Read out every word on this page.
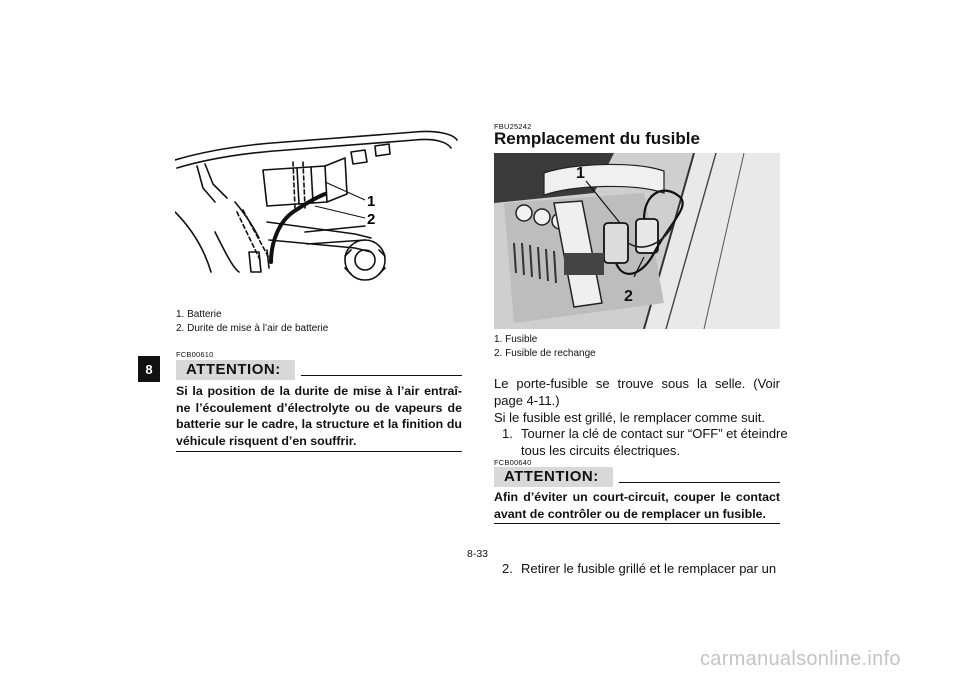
8
1
2
1. Batterie
2. Durite de mise à l’air de batterie
FCB00610
ATTENTION:
Si la position de la durite de mise à l’air entraî-ne l’écoulement d’électrolyte ou de vapeurs de batterie sur le cadre, la structure et la finition du véhicule risquent d’en souffrir.
FBU25242
Remplacement du fusible
1
2
1. Fusible
2. Fusible de rechange
Le porte-fusible se trouve sous la selle. (Voir page 4-11.)
Si le fusible est grillé, le remplacer comme suit.
1. Tourner la clé de contact sur “OFF” et éteindre tous les circuits électriques.
FCB00640
ATTENTION:
Afin d’éviter un court-circuit, couper le contact avant de contrôler ou de remplacer un fusible.
2. Retirer le fusible grillé et le remplacer par un
8-33
carmanualsonline.info
